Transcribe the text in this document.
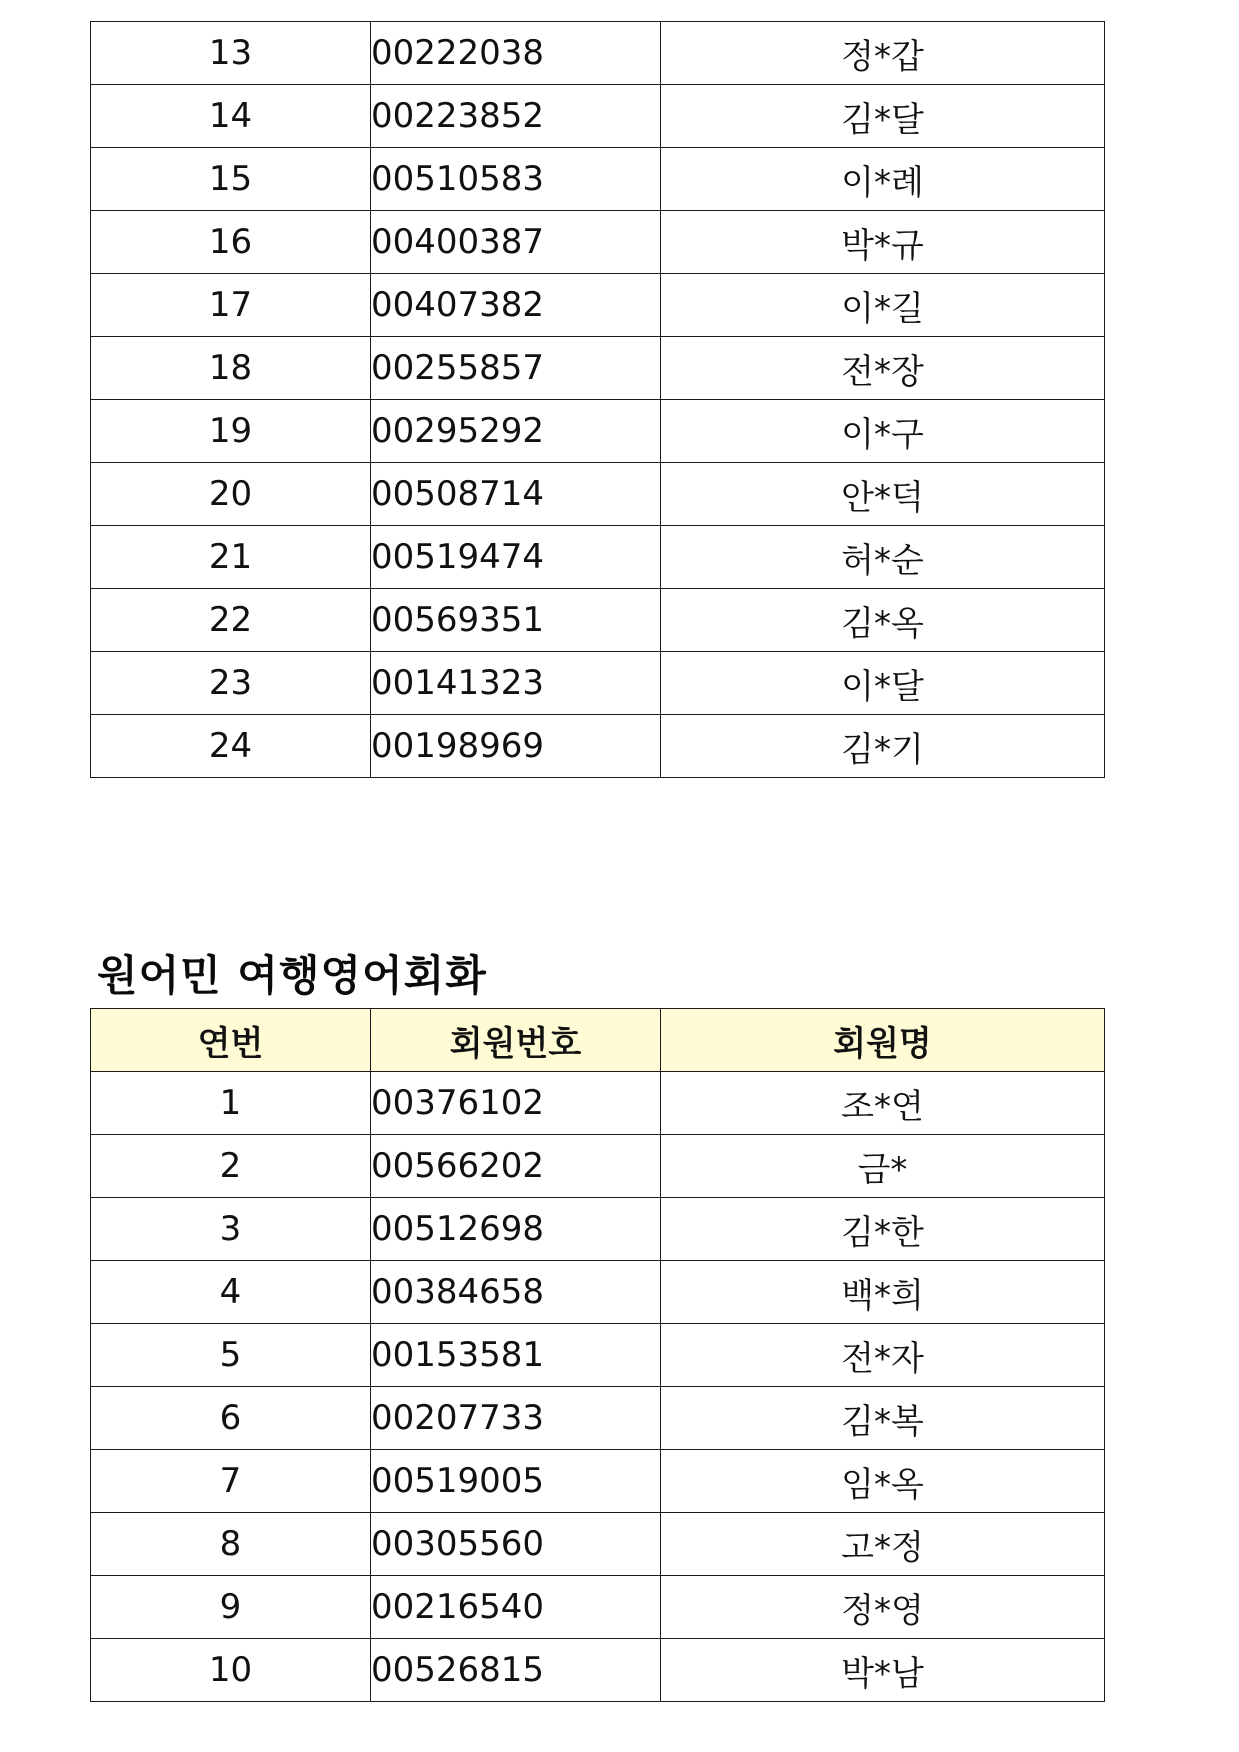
13	00222038	정*갑
14	00223852	김*달
15	00510583	이*례
16	00400387	박*규
17	00407382	이*길
18	00255857	전*장
19	00295292	이*구
20	00508714	안*덕
21	00519474	허*순
22	00569351	김*옥
23	00141323	이*달
24	00198969	김*기
원어민 여행영어회화
연번	회원번호	회원명
1	00376102	조*연
2	00566202	금*
3	00512698	김*한
4	00384658	백*희
5	00153581	전*자
6	00207733	김*복
7	00519005	임*옥
8	00305560	고*정
9	00216540	정*영
10	00526815	박*남
